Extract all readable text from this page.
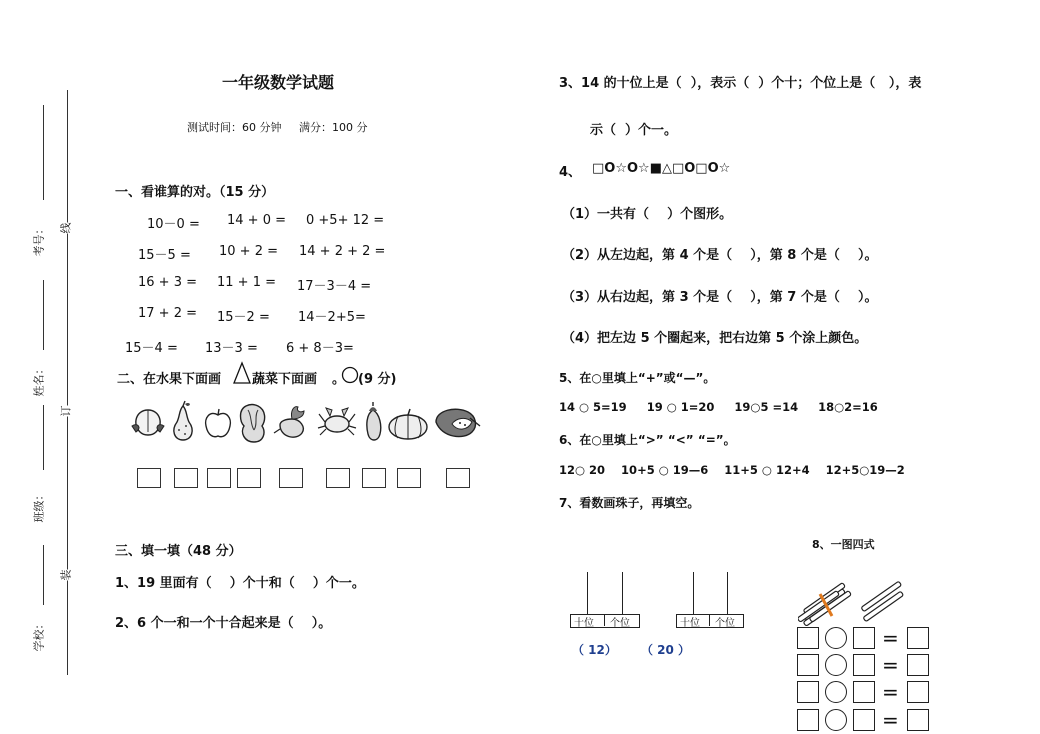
考号：
姓名：
班级：
学校：
线
订
装
一年级数学试题
测试时间：60 分钟     满分：100 分
一、看谁算的对。（15 分）
10－0 = 14 + 0 = 0 +5+ 12 =
15－5 = 10 + 2 = 14 + 2 + 2 =
16 + 3 = 11 + 1 = 17－3－4 =
17 + 2 = 15－2 = 14－2+5=
15－4 = 13－3 = 6 + 8－3=
二、在水果下面画 蔬菜下面画 。 (9 分)
三、填一填（48 分）
1、19 里面有（    ）个十和（    ）个一。
2、6 个一和一个十合起来是（    ）。
3、14 的十位上是（  ），表示（  ）个十；个位上是（   ），表
示（  ）个一。
4、 □O☆O☆■△□O□O☆
（1）一共有（    ）个图形。
（2）从左边起，第 4 个是（    ），第 8 个是（    ）。
（3）从右边起，第 3 个是（    ），第 7 个是（    ）。
（4）把左边 5 个圈起来，把右边第 5 个涂上颜色。
5、在○里填上“+”或“—”。
14 ○ 5=19     19 ○ 1=20     19○5 =14     18○2=16
6、在○里填上“>” “<” “=”。
12○ 20    10+5 ○ 19—6    11+5 ○ 12+4    12+5○19—2
7、看数画珠子，再填空。
8、一图四式
十位 个位
（ 12）
十位 个位
（ 20 ）	=
=
=
=
